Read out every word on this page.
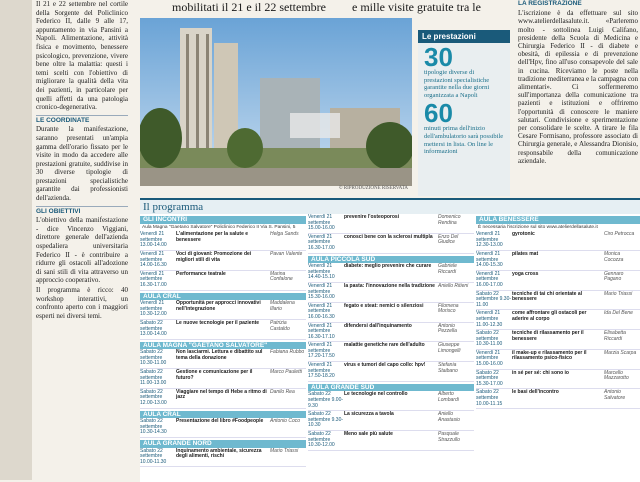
Il 21 e 22 settembre nel cortile della Sorgente del Policlinico Federico II, dalle 9 alle 17, appuntamento in via Pansini a Napoli. Alimentazione, attività fisica e movimento, benessere psicologico, prevenzione, vivere bene oltre la malattia: questi i temi scelti con l'obiettivo di migliorare la qualità della vita dei pazienti, in particolare per quelli affetti da una patologia cronico-degenerativa.

LE COORDINATE

Durante la manifestazione, saranno presentati un'ampia gamma dell'orario fissato per le visite in modo da accedere alle prestazioni gratuite, suddivise in 30 diverse tipologie di prestazioni specialistiche garantite dai professionisti dell'azienda.

GLI OBIETTIVI

L'obiettivo della manifestazione - dice Vincenzo Viggiani, direttore generale dell'azienda ospedaliera universitaria Federico II - è contribuire a ridurre gli ostacoli all'adozione di sani stili di vita attraverso un approccio cooperativo.

Il programma è ricco: 40 workshop interattivi, un confronto aperto con i maggiori esperti nei diversi temi.

mobilitati il 21 e il 22 settembre e mille visite gratuite tra le
© RIPRODUZIONE RISERVATA
Le prestazioni
30
tipologie diverse di prestazioni specialistiche garantite nella due giorni organizzata a Napoli
60
minuti prima dell'inizio dell'ambulatorio sarà possibile mettersi in lista. On line le informazioni
LA REGISTRAZIONE
L'iscrizione è da effettuare sul sito www.atelierdellasalute.it. «Parleremo molto - sottolinea Luigi Califano, presidente della Scuola di Medicina e Chirurgia Federico II - di diabete e obesità, di epilessia e di prevenzione dell'Hpv, fino all'uso consapevole del sale in cucina. Riceviamo le poste nella tradizione mediterranea e la campagna con alimentari». Ci soffermeremo sull'importanza della comunicazione tra pazienti e istituzioni e offriremo l'opportunità di conoscere le maniere salutari. Condivisione e sperimentazione per consolidare le scelte. A tirare le fila Cesare Formisano, professore associato di Chirurgia generale, e Alessandra Dionisio, responsabile della comunicazione aziendale.
Il programma
GLI INCONTRI
Aula Magna "Gaetano Salvatore" Policlinico Federico II Via S. Pansini, 5
Venerdì 21 settembre 13.00-14.00
L'alimentazione per la salute e benessere
Helga Sands
Venerdì 21 settembre 14.00-16.30
Voci di giovani: Promozione dei migliori stili di vita
Pavan Valente
Venerdì 21 settembre 16.30-17.00
Performance teatrale	Marina Confalone
AULA CRAL
Venerdì 21 settembre 10.30-12.00
Opportunità per approcci innovativi nell'integrazione
Maddalena Illario
Sabato 22 settembre 13.00-14.00
Le nuove tecnologie per il paziente	Patrizia Castaldo
AULA MAGNA "GAETANO SALVATORE"
Sabato 22 settembre 10.30-11.00
Non lasciarmi. Lettura e dibattito sul tema della donazione
Fabiana Rubbo
Sabato 22 settembre 11.00-13.00
Gestione e comunicazione per il futuro?
Marco Pauletti
Sabato 22 settembre 12.00-13.00
Viaggiare nel tempo di Hebe a ritmo di jazz
Danilo Rea
AULA CRAL
Sabato 22 settembre 10.30-14.30
Presentazione del libro #Foodpeople	Antonio Coco
AULA GRANDE NORD
Sabato 22 settembre 10.00-11.30
Inquinamento ambientale, sicurezza degli alimenti, rischi
Mario Triassi
Venerdì 21 settembre 15.00-16.00
prevenire l'osteoporosi	Domenico Rendina
Venerdì 21 settembre 16.30-17.00
conosci bene con la sclerosi multipla	Enzo Del Giudice
AULA PICCOLA SUD
Venerdì 21 settembre 14.40-15.10
diabete: meglio prevenire che curare	Gabriele Riccardi
Venerdì 21 settembre 15.30-16.00
la pasta: l'innovazione nella tradizione Aniello Ritieni
Venerdì 21 settembre 16.00-16.30
fegato e steat: nemici o silenziosi	Filomena Morisco
Venerdì 21 settembre 16.30-17.10
difendersi dall'inquinamento	Antonio Pezzella
Venerdì 21 settembre 17.20-17.50
malattie genetiche rare dell'adulto	Giuseppe Limongelli
Venerdì 21 settembre 17.50-18.20
virus e tumori del capo collo: hpv!	Stefania Staibano
AULA GRANDE SUD
Sabato 22 settembre 9.00-9.30
Le tecnologie nel controllo	Alberto Lombardi
Sabato 22 settembre 9.30-10.30
La sicurezza a tavola	Aniello Anastasio
Sabato 22 settembre 10.30-12.00
Meno sale più salute	Pasquale Strazzullo
AULA BENESSERE
È necessaria l'iscrizione sul sito www.atelierdellasalute.it
Venerdì 21 settembre 12.30-13.00
gyrotonic	Ciro Petrocca
Venerdì 21 settembre 14.00-15.30
pilates mat	Monica Cocozza
Venerdì 21 settembre 16.00-17.00
yoga cross	Gennaro Pagano
Sabato 22 settembre 9.30-11.00
tecniche di tai chi orientate al benessere
Mario Triassi
Venerdì 21 settembre 11.00-12.30
come affrontare gli ostacoli per aderire al corpo
Ida Del Bene
Sabato 22 settembre 10.30-11.00
tecniche di rilassamento per il benessere
Elisabetta Riccardi
Venerdì 21 settembre 15.00-16.00
il make-up e rilassamento per il rilassamento psico-fisico
Marzia Scarpa
Sabato 22 settembre 15.30-17.00
in sé per sé: chi sono io	Marcello Mazzarotto
Sabato 22 settembre 10.00-11.15
le basi dell'incontro	Antonio Salvatore
